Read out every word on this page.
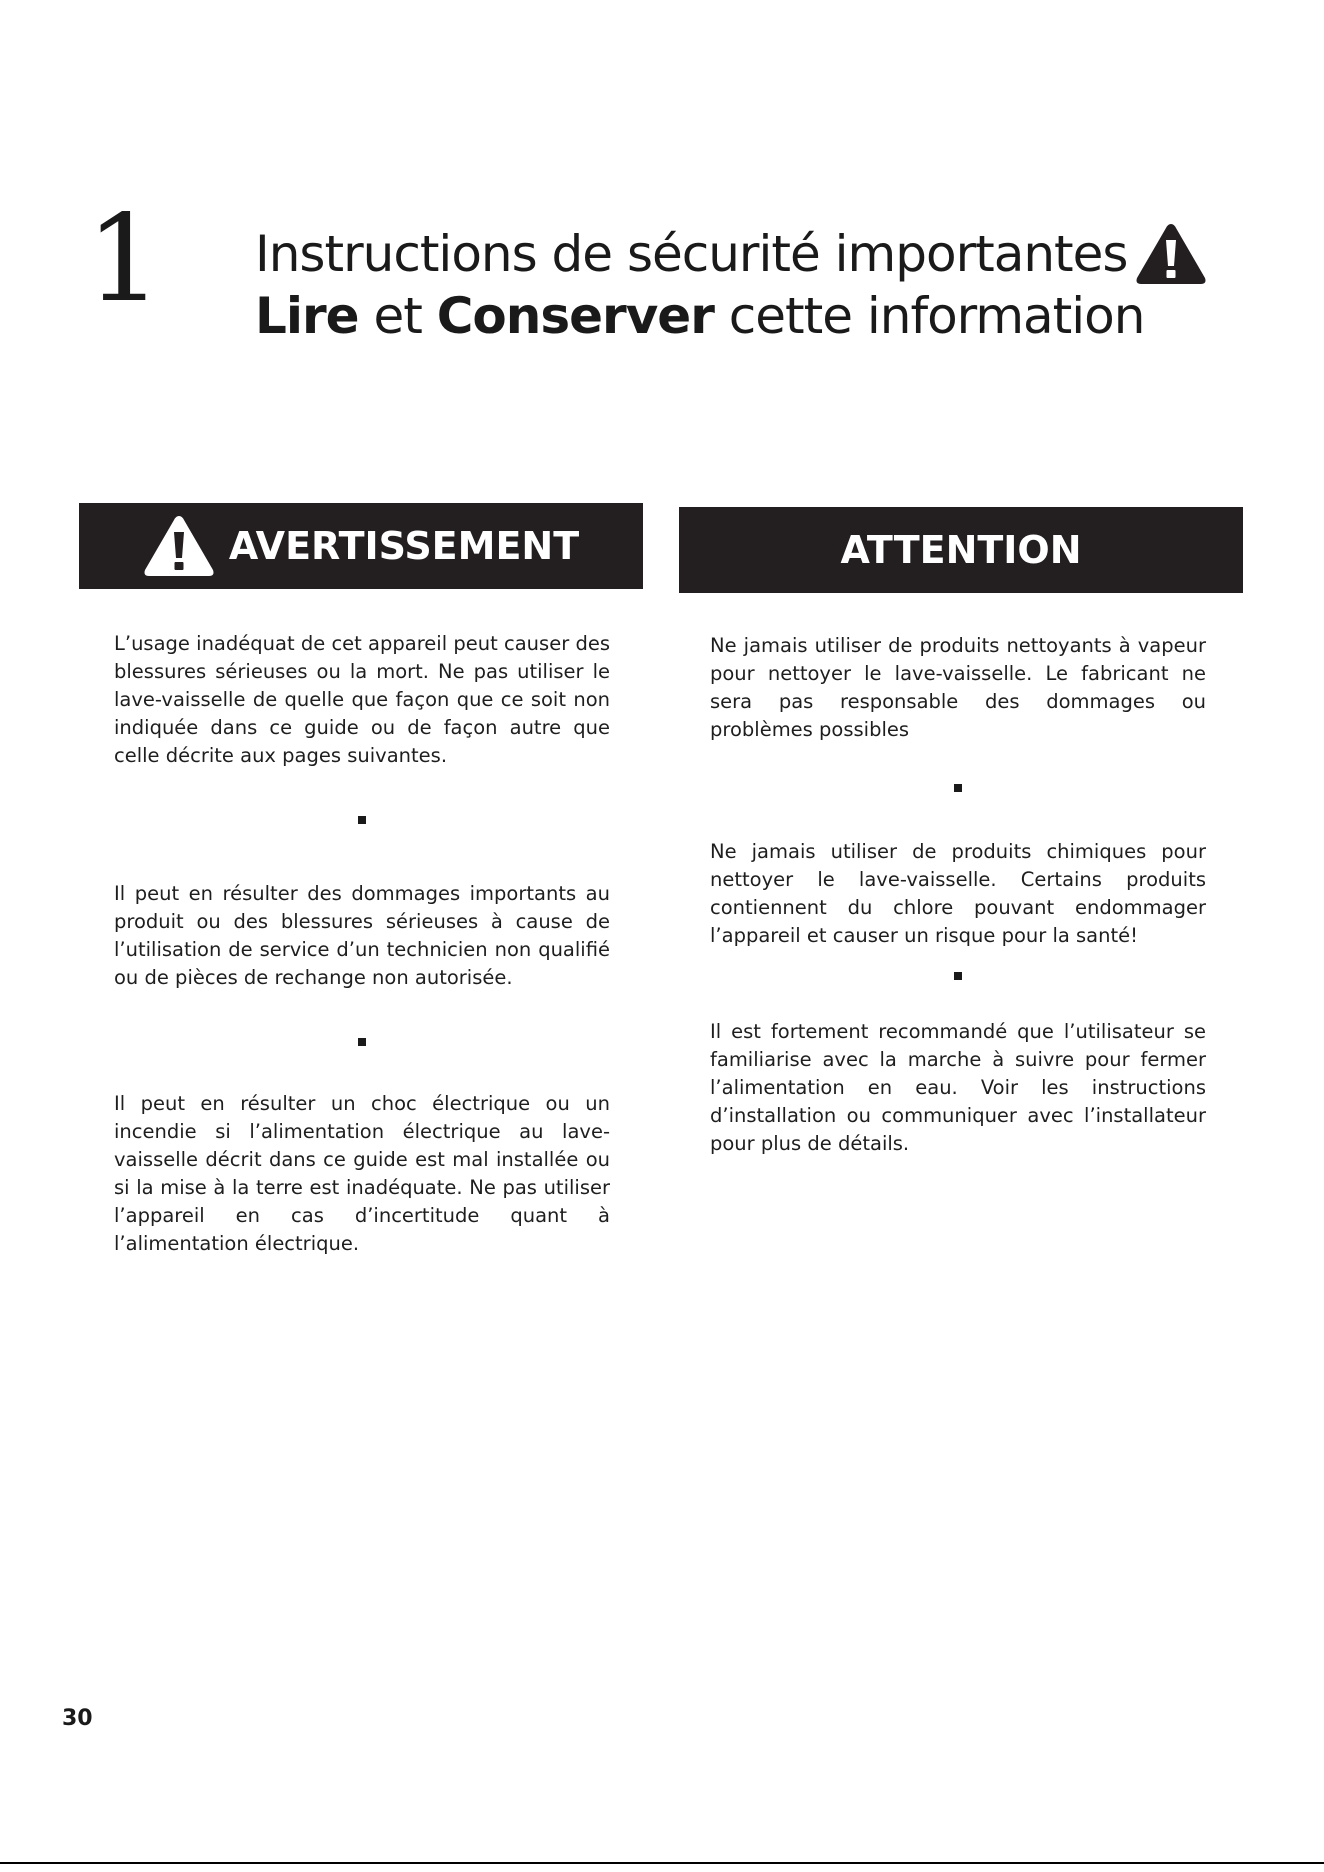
1 Instructions de sécurité importantes
Lire et Conserver cette information
AVERTISSEMENT	ATTENTION

L’usage inadéquat de cet appareil peut causer des blessures sérieuses ou la mort. Ne pas utiliser le lave-vaisselle de quelle que façon que ce soit non indiquée dans ce guide ou de façon autre que celle décrite aux pages suivantes.

Il peut en résulter des dommages importants au produit ou des blessures sérieuses à cause de l’utilisation de service d’un technicien non qualifié ou de pièces de rechange non autorisée.

Il peut en résulter un choc électrique ou un incendie si l’alimentation électrique au lave-vaisselle décrit dans ce guide est mal installée ou si la mise à la terre est inadéquate. Ne pas utiliser l’appareil en cas d’incertitude quant à l’alimentation électrique.

Ne jamais utiliser de produits nettoyants à vapeur pour nettoyer le lave-vaisselle. Le fabricant ne sera pas responsable des dommages ou problèmes possibles

Ne jamais utiliser de produits chimiques pour nettoyer le lave-vaisselle. Certains produits contiennent du chlore pouvant endommager l’appareil et causer un risque pour la santé!

Il est fortement recommandé que l’utilisateur se familiarise avec la marche à suivre pour fermer l’alimentation en eau. Voir les instructions d’installation ou communiquer avec l’installateur pour plus de détails.

30
